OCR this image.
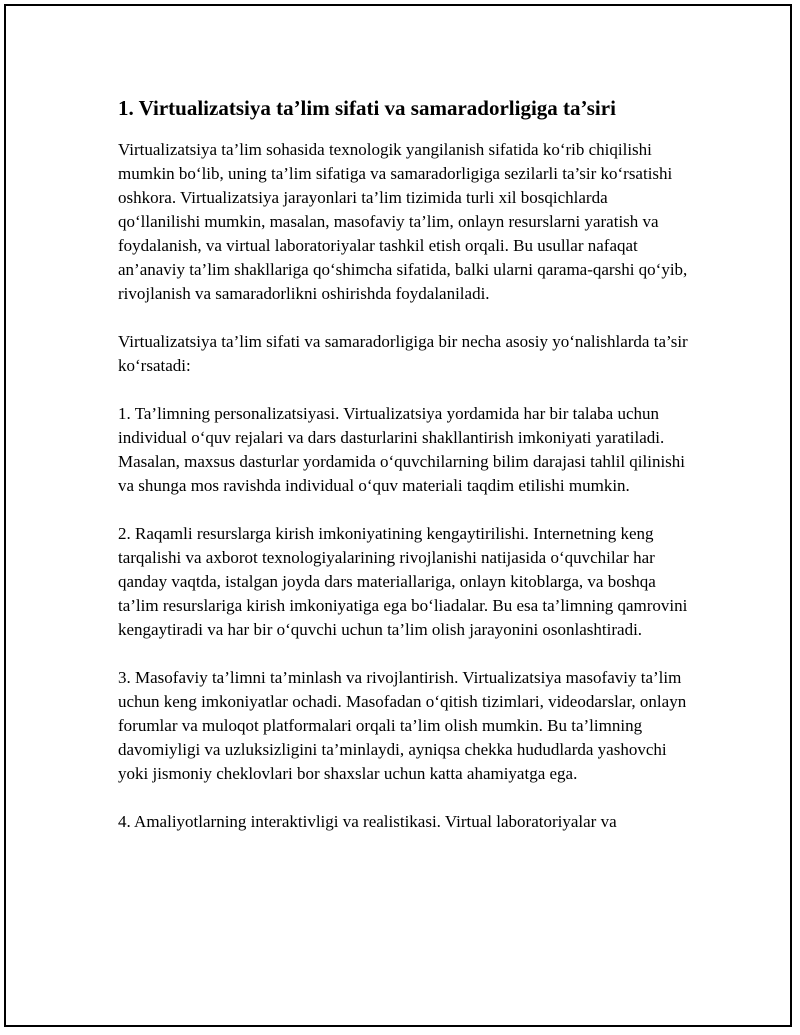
1. Virtualizatsiya ta’lim sifati va samaradorligiga ta’siri

Virtualizatsiya ta’lim sohasida texnologik yangilanish sifatida ko‘rib chiqilishi mumkin bo‘lib, uning ta’lim sifatiga va samaradorligiga sezilarli ta’sir ko‘rsatishi oshkora. Virtualizatsiya jarayonlari ta’lim tizimida turli xil bosqichlarda qo‘llanilishi mumkin, masalan, masofaviy ta’lim, onlayn resurslarni yaratish va foydalanish, va virtual laboratoriyalar tashkil etish orqali. Bu usullar nafaqat an’anaviy ta’lim shakllariga qo‘shimcha sifatida, balki ularni qarama-qarshi qo‘yib, rivojlanish va samaradorlikni oshirishda foydalaniladi.

Virtualizatsiya ta’lim sifati va samaradorligiga bir necha asosiy yo‘nalishlarda ta’sir ko‘rsatadi:

1. Ta’limning personalizatsiyasi. Virtualizatsiya yordamida har bir talaba uchun individual o‘quv rejalari va dars dasturlarini shakllantirish imkoniyati yaratiladi. Masalan, maxsus dasturlar yordamida o‘quvchilarning bilim darajasi tahlil qilinishi va shunga mos ravishda individual o‘quv materiali taqdim etilishi mumkin.

2. Raqamli resurslarga kirish imkoniyatining kengaytirilishi. Internetning keng tarqalishi va axborot texnologiyalarining rivojlanishi natijasida o‘quvchilar har qanday vaqtda, istalgan joyda dars materiallariga, onlayn kitoblarga, va boshqa ta’lim resurslariga kirish imkoniyatiga ega bo‘liadalar. Bu esa ta’limning qamrovini kengaytiradi va har bir o‘quvchi uchun ta’lim olish jarayonini osonlashtiradi.

3. Masofaviy ta’limni ta’minlash va rivojlantirish. Virtualizatsiya masofaviy ta’lim uchun keng imkoniyatlar ochadi. Masofadan o‘qitish tizimlari, videodarslar, onlayn forumlar va muloqot platformalari orqali ta’lim olish mumkin. Bu ta’limning davomiyligi va uzluksizligini ta’minlaydi, ayniqsa chekka hududlarda yashovchi yoki jismoniy cheklovlari bor shaxslar uchun katta ahamiyatga ega.

4. Amaliyotlarning interaktivligi va realistikasi. Virtual laboratoriyalar va
